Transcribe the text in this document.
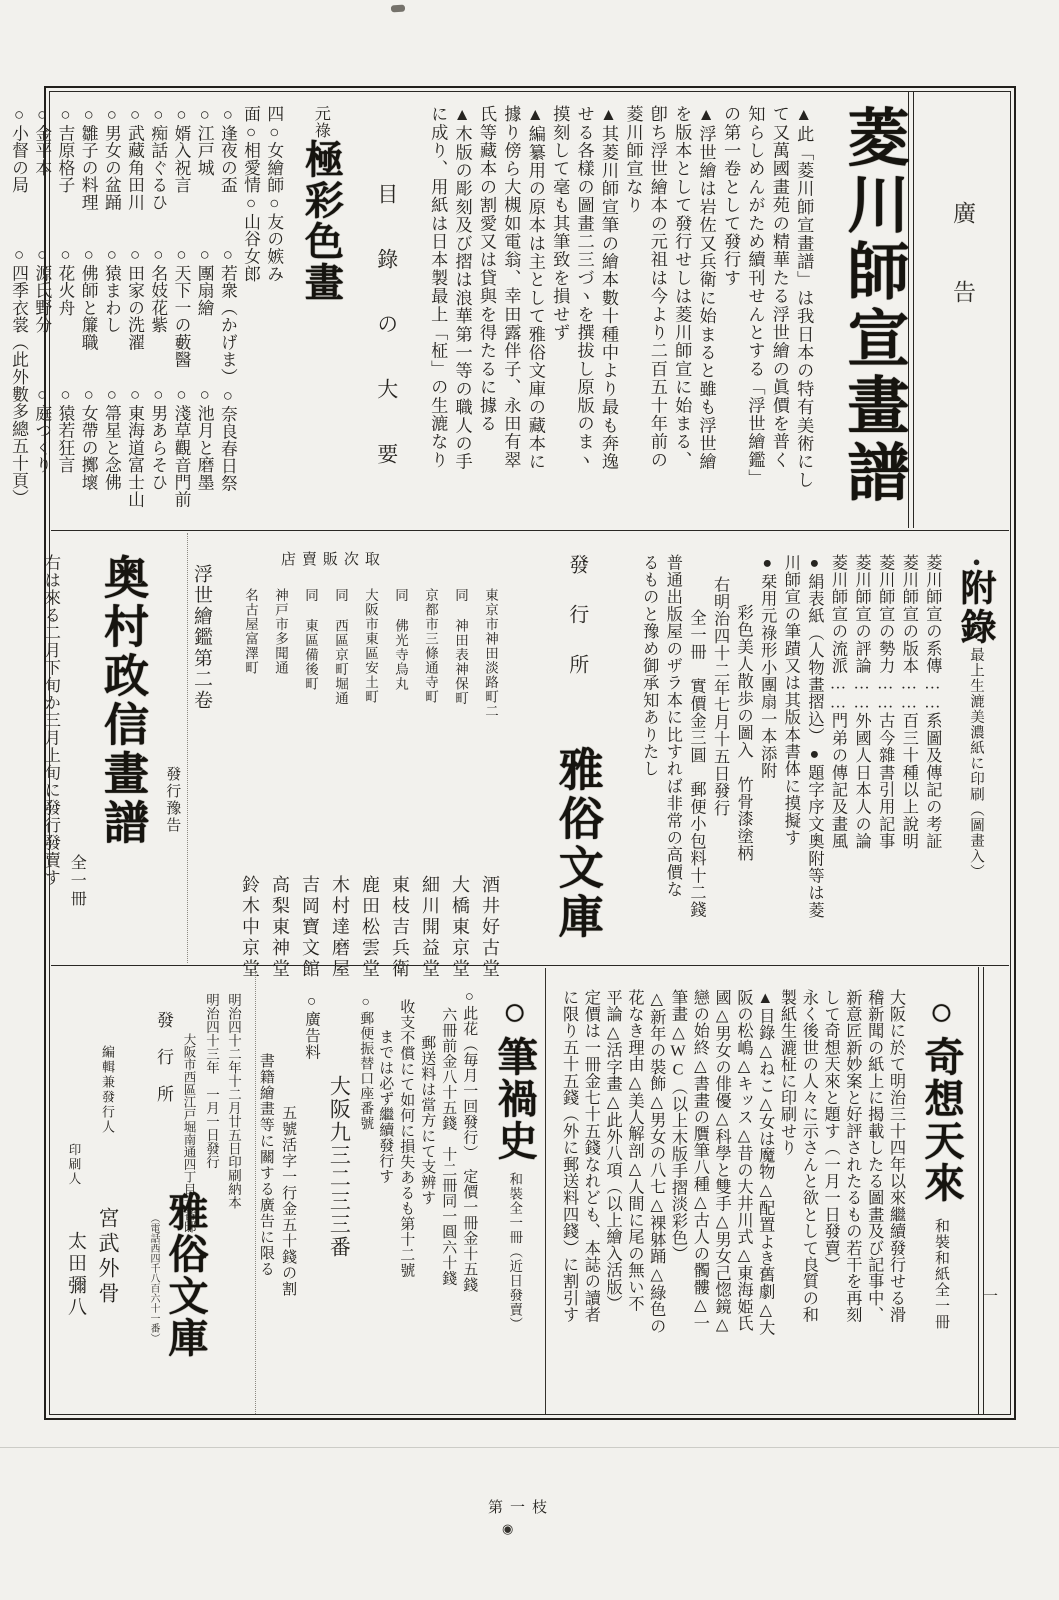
廣告
菱川師宣畫譜
▲此「菱川師宣畫譜」は我日本の特有美術にし
て又萬國畫苑の精華たる浮世繪の眞價を普く
知らしめんがため續刊せんとする「浮世繪鑑」
の第一卷として發行す
▲浮世繪は岩佐又兵衛に始まると雖も浮世繪
を版本として發行せしは菱川師宣に始まる、
卽ち浮世繪本の元祖は今より二百五十年前の
菱川師宣なり
▲其菱川師宣筆の繪本數十種中より最も奔逸
せる各樣の圖畫二三づヽを撰拔し原版のまヽ
摸刻して毫も其筆致を損せず
▲編纂用の原本は主として雅俗文庫の藏本に
據り傍ら大槻如電翁、幸田露伴子、永田有翠
氏等藏本の割愛又は貸與を得たるに據る
▲木版の彫刻及び摺は浪華第一等の職人の手
に成り、用紙は日本製最上「柾」の生漉なり
目錄の大要
元祿極彩色畫
四○女繪師○友の嫉み
面○相愛情○山谷女郎
○逢夜の盃○若衆（かげま）○奈良春日祭
○江戸城○團扇繪○池月と磨墨
○婿入祝言○天下一の藪醫○淺草觀音門前
○痴話ぐるひ○名妓花紫○男あらそひ
○武藏角田川○田家の洗濯○東海道富士山
○男女の盆踊○猿まわし○箒星と念佛
○雛子の料理○佛師と簾職○女帶の擲壞
○吉原格子○花火舟○猿若狂言
○金平本○源氏野分○庭つくり
○小督の局○四季衣裳（此外數多總五十頁）
●附錄最上生漉美濃紙に印刷（圖畫入）
菱川師宣の系傳……系圖及傳記の考証
菱川師宣の版本……百三十種以上說明
菱川師宣の勢力……古今雜書引用記事
菱川師宣の評論……外國人日本人の論
菱川師宣の流派……門弟の傳記及畫風
●絹表紙（人物畫摺込）●題字序文奧附等は菱
川師宣の筆蹟又は其版本書体に摸擬す
●栞用元祿形小團扇一本添附
彩色美人散歩の圖入　竹骨漆塗柄
右明治四十二年七月十五日發行
全一冊　實價金三圓　郵便小包料十二錢
普通出版屋のザラ本に比すれば非常の高價な
るものと豫め御承知ありたし
發行所雅俗文庫
店賣販次取
東京市神田淡路町二
酒井好古堂
同 神田表神保町
大橋東京堂
京都市三條通寺町
細川開益堂
同 佛光寺烏丸
東枝吉兵衛
大阪市東區安土町
鹿田松雲堂
同 西區京町堀通
木村達磨屋
同 東區備後町
吉岡寶文館
神戸市多聞通
高梨東神堂
名古屋富澤町
鈴木中京堂
浮世繪鑑第二卷
發行豫告
奥村政信畫譜
全一冊
右は來る二月下旬か三月上旬に發行發賣す
一
○奇想天來和裝和紙全一冊
大阪に於て明治三十四年以來繼續發行せる滑
稽新聞の紙上に揭載したる圖畫及び記事中、
新意匠新妙案と好評されたるもの若干を再刻
して奇想天來と題す（一月一日發賣）
永く後世の人々に示さんと欲として良質の和
製紙生漉柾に印刷せり
▲目錄△ねこ△女は魔物△配置よき舊劇△大
阪の松嶋△キッス△昔の大井川式△東海姫氏
國△男女の俳優△科學と雙手△男女己惚鏡△
戀の始終△書畫の贋筆八種△古人の髑髏△一
筆畫△WC（以上木版手摺淡彩色）
△新年の裝飾△男女の八七△裸躰踊△綠色の
花なき理由△美人解剖△人間に尾の無い不
平論△活字畫△此外八項（以上繪入活版）
定價は一冊金七十五錢なれども、本誌の讀者
に限り五十五錢（外に郵送料四錢）に割引す
○筆禍史和裝全一冊（近日發賣）
○此花（毎月一回發行）　定價一冊金十五錢
六冊前金八十五錢　十二冊同一圓六十錢
郵送料は當方にて支辨す
收支不償にて如何に損失あるも第十二號
までは必ず繼續發行す
○郵便振替口座番號
大阪九三二三三番
○廣告料
五號活字一行金五十錢の割
書籍繪畫等に關する廣告に限る
明治四十二年十二月廿五日印刷納本
明治四十三年　一月一日發行
大阪市西區江戸堀南通四丁目十番邸
發行所
雅俗文庫
（電話西四千八百六十一番）
編輯兼發行人
宮武外骨
印刷人
太田彌八
第一枝
◉
